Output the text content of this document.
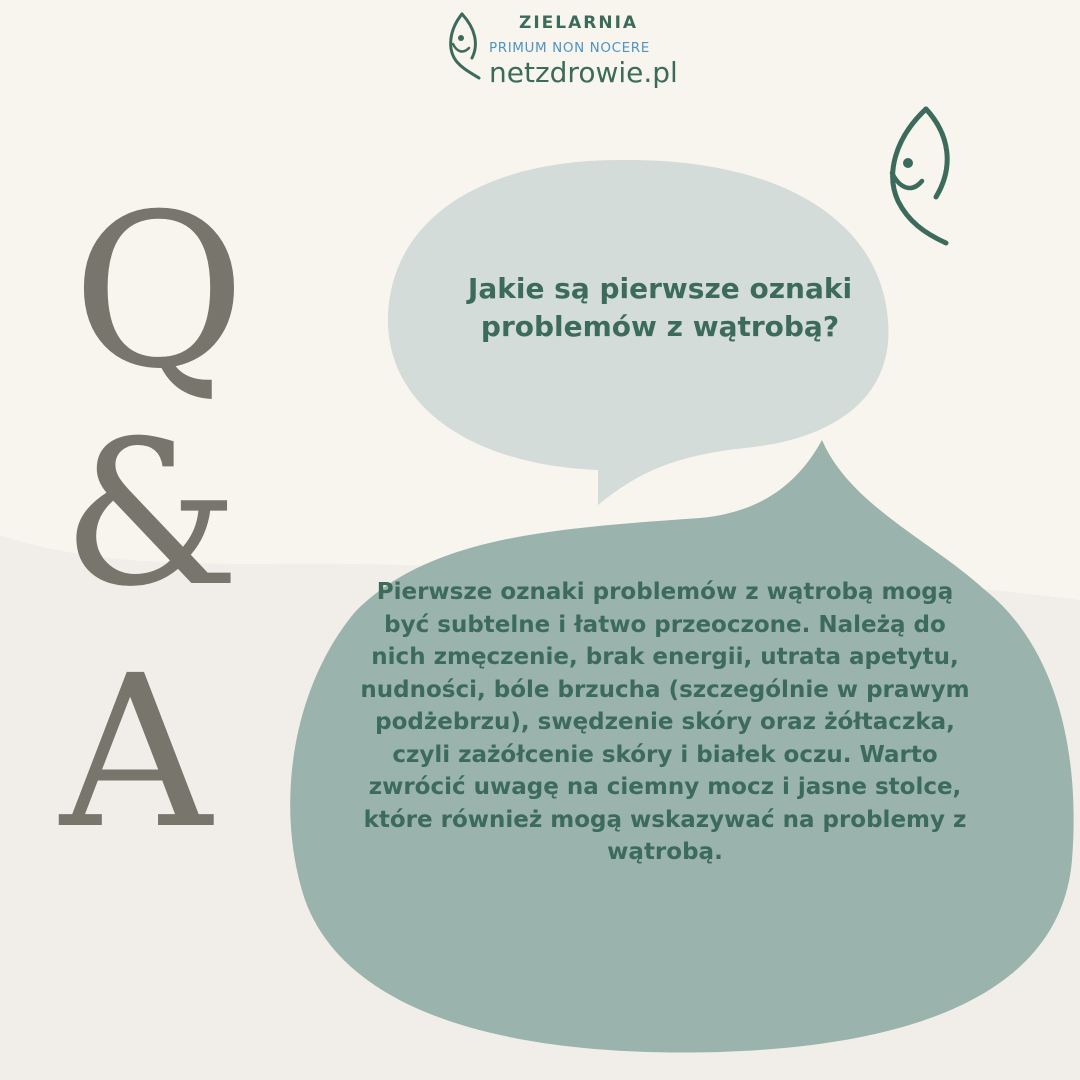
ZIELARNIA
PRIMUM NON NOCERE
netzdrowie.pl
Q
&
A
Jakie są pierwsze oznaki problemów z wątrobą?
Pierwsze oznaki problemów z wątrobą mogą być subtelne i łatwo przeoczone. Należą do nich zmęczenie, brak energii, utrata apetytu, nudności, bóle brzucha (szczególnie w prawym podżebrzu), swędzenie skóry oraz żółtaczka, czyli zażółcenie skóry i białek oczu. Warto zwrócić uwagę na ciemny mocz i jasne stolce, które również mogą wskazywać na problemy z wątrobą.
